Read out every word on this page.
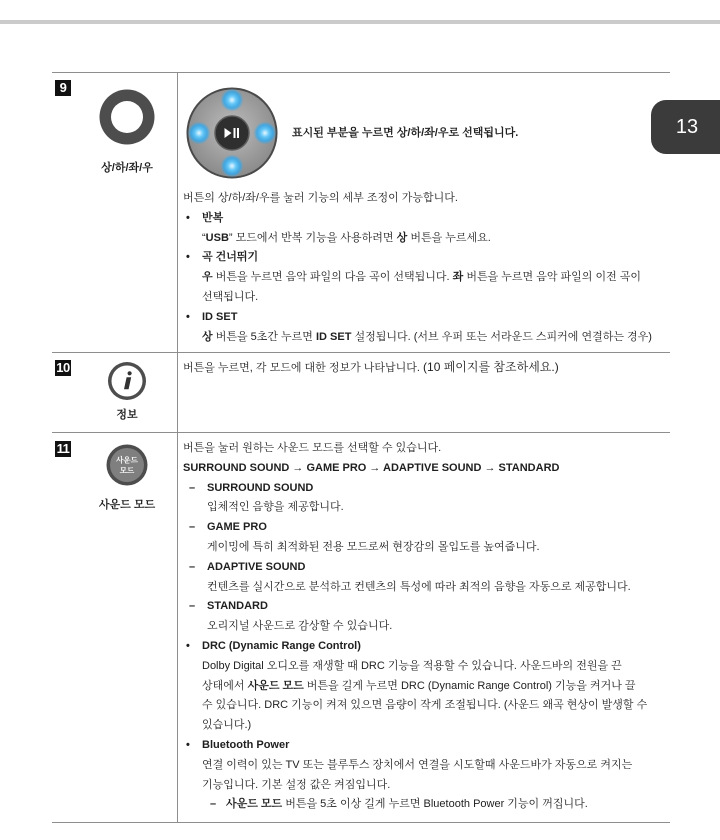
13
9
상/하/좌/우
표시된 부분을 누르면 상/하/좌/우로 선택됩니다.
버튼의 상/하/좌/우를 눌러 기능의 세부 조정이 가능합니다.
• 반복
“USB” 모드에서 반복 기능을 사용하려면 상 버튼을 누르세요.
• 곡 건너뛰기
우 버튼을 누르면 음악 파일의 다음 곡이 선택됩니다. 좌 버튼을 누르면 음악 파일의 이전 곡이
선택됩니다.
• ID SET
상 버튼을 5초간 누르면 ID SET 설정됩니다. (서브 우퍼 또는 서라운드 스피커에 연결하는 경우)
10
정보
버튼을 누르면, 각 모드에 대한 정보가 나타납니다. (10 페이지를 참조하세요.)
11
사운드
모드
사운드 모드
버튼을 눌러 원하는 사운드 모드를 선택할 수 있습니다.
SURROUND SOUND → GAME PRO → ADAPTIVE SOUND → STANDARD
– SURROUND SOUND
입체적인 음향을 제공합니다.
– GAME PRO
게이밍에 특히 최적화된 전용 모드로써 현장감의 몰입도를 높여줍니다.
– ADAPTIVE SOUND
컨텐츠를 실시간으로 분석하고 컨텐츠의 특성에 따라 최적의 음향을 자동으로 제공합니다.
– STANDARD
오리지널 사운드로 감상할 수 있습니다.
• DRC (Dynamic Range Control)
Dolby Digital 오디오를 재생할 때 DRC 기능을 적용할 수 있습니다. 사운드바의 전원을 끈
상태에서 사운드 모드 버튼을 길게 누르면 DRC (Dynamic Range Control) 기능을 켜거나 끌
수 있습니다. DRC 기능이 켜져 있으면 음량이 작게 조절됩니다. (사운드 왜곡 현상이 발생할 수
있습니다.)
• Bluetooth Power
연결 이력이 있는 TV 또는 블루투스 장치에서 연결을 시도할때 사운드바가 자동으로 켜지는
기능입니다. 기본 설정 값은 켜짐입니다.
– 사운드 모드 버튼을 5초 이상 길게 누르면 Bluetooth Power 기능이 꺼집니다.
